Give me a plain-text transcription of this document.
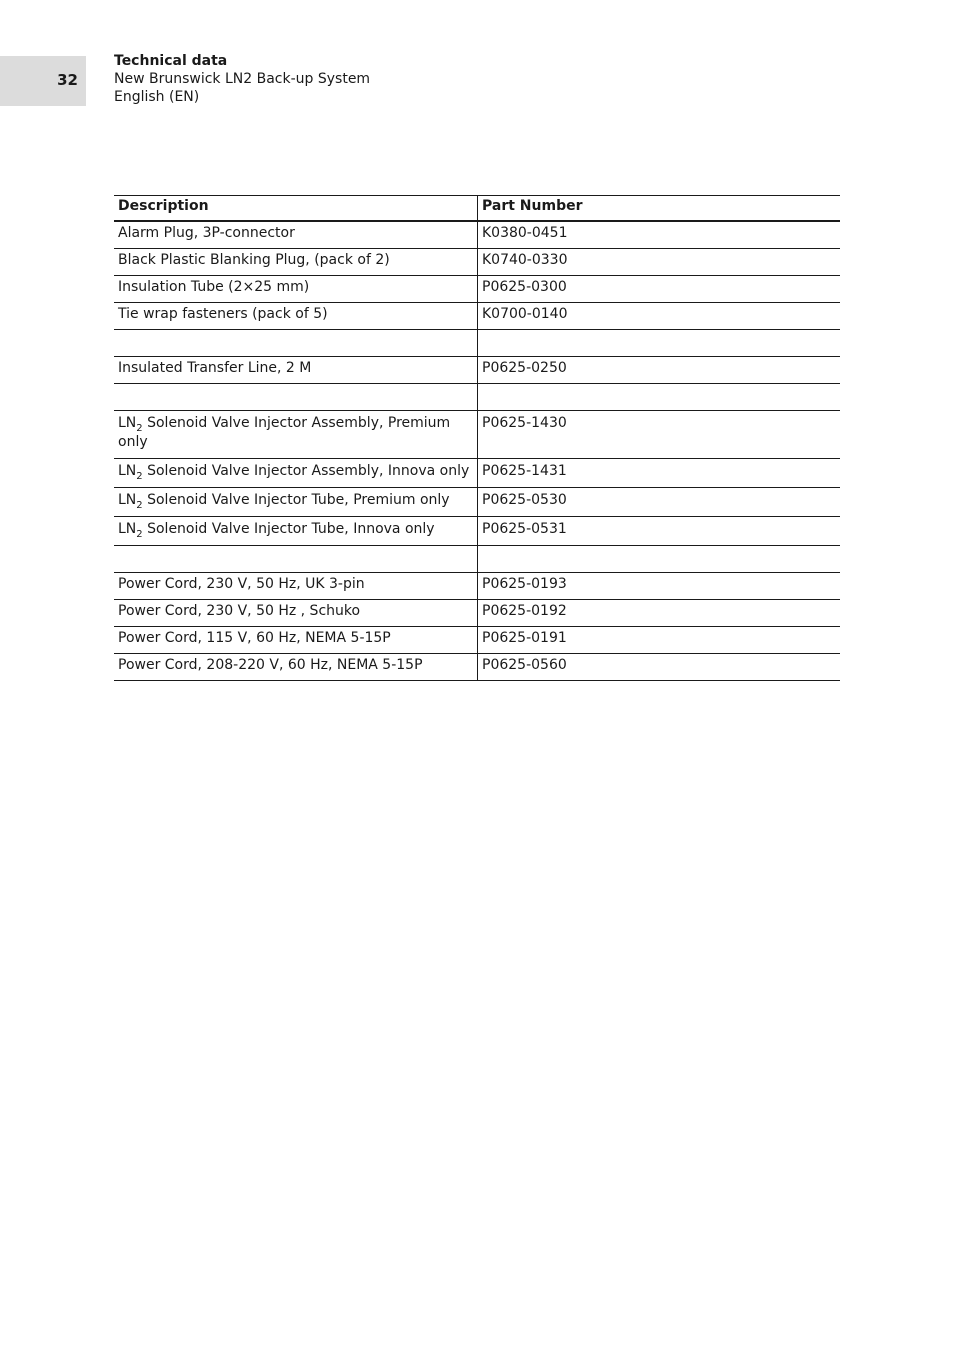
32
Technical data
New Brunswick LN2 Back-up System
English (EN)
Description	Part Number
Alarm Plug, 3P-connector	K0380-0451
Black Plastic Blanking Plug, (pack of 2)	K0740-0330
Insulation Tube (2×25 mm)	P0625-0300
Tie wrap fasteners (pack of 5)	K0700-0140

Insulated Transfer Line, 2 M	P0625-0250

$LN_2$ Solenoid Valve Injector Assembly, Premium only	P0625-1430
$LN_2$ Solenoid Valve Injector Assembly, Innova only	P0625-1431
$LN_2$ Solenoid Valve Injector Tube, Premium only	P0625-0530
$LN_2$ Solenoid Valve Injector Tube, Innova only	P0625-0531

Power Cord, 230 V, 50 Hz, UK 3-pin	P0625-0193
Power Cord, 230 V, 50 Hz , Schuko	P0625-0192
Power Cord, 115 V, 60 Hz, NEMA 5-15P	P0625-0191
Power Cord, 208-220 V, 60 Hz, NEMA 5-15P	P0625-0560
